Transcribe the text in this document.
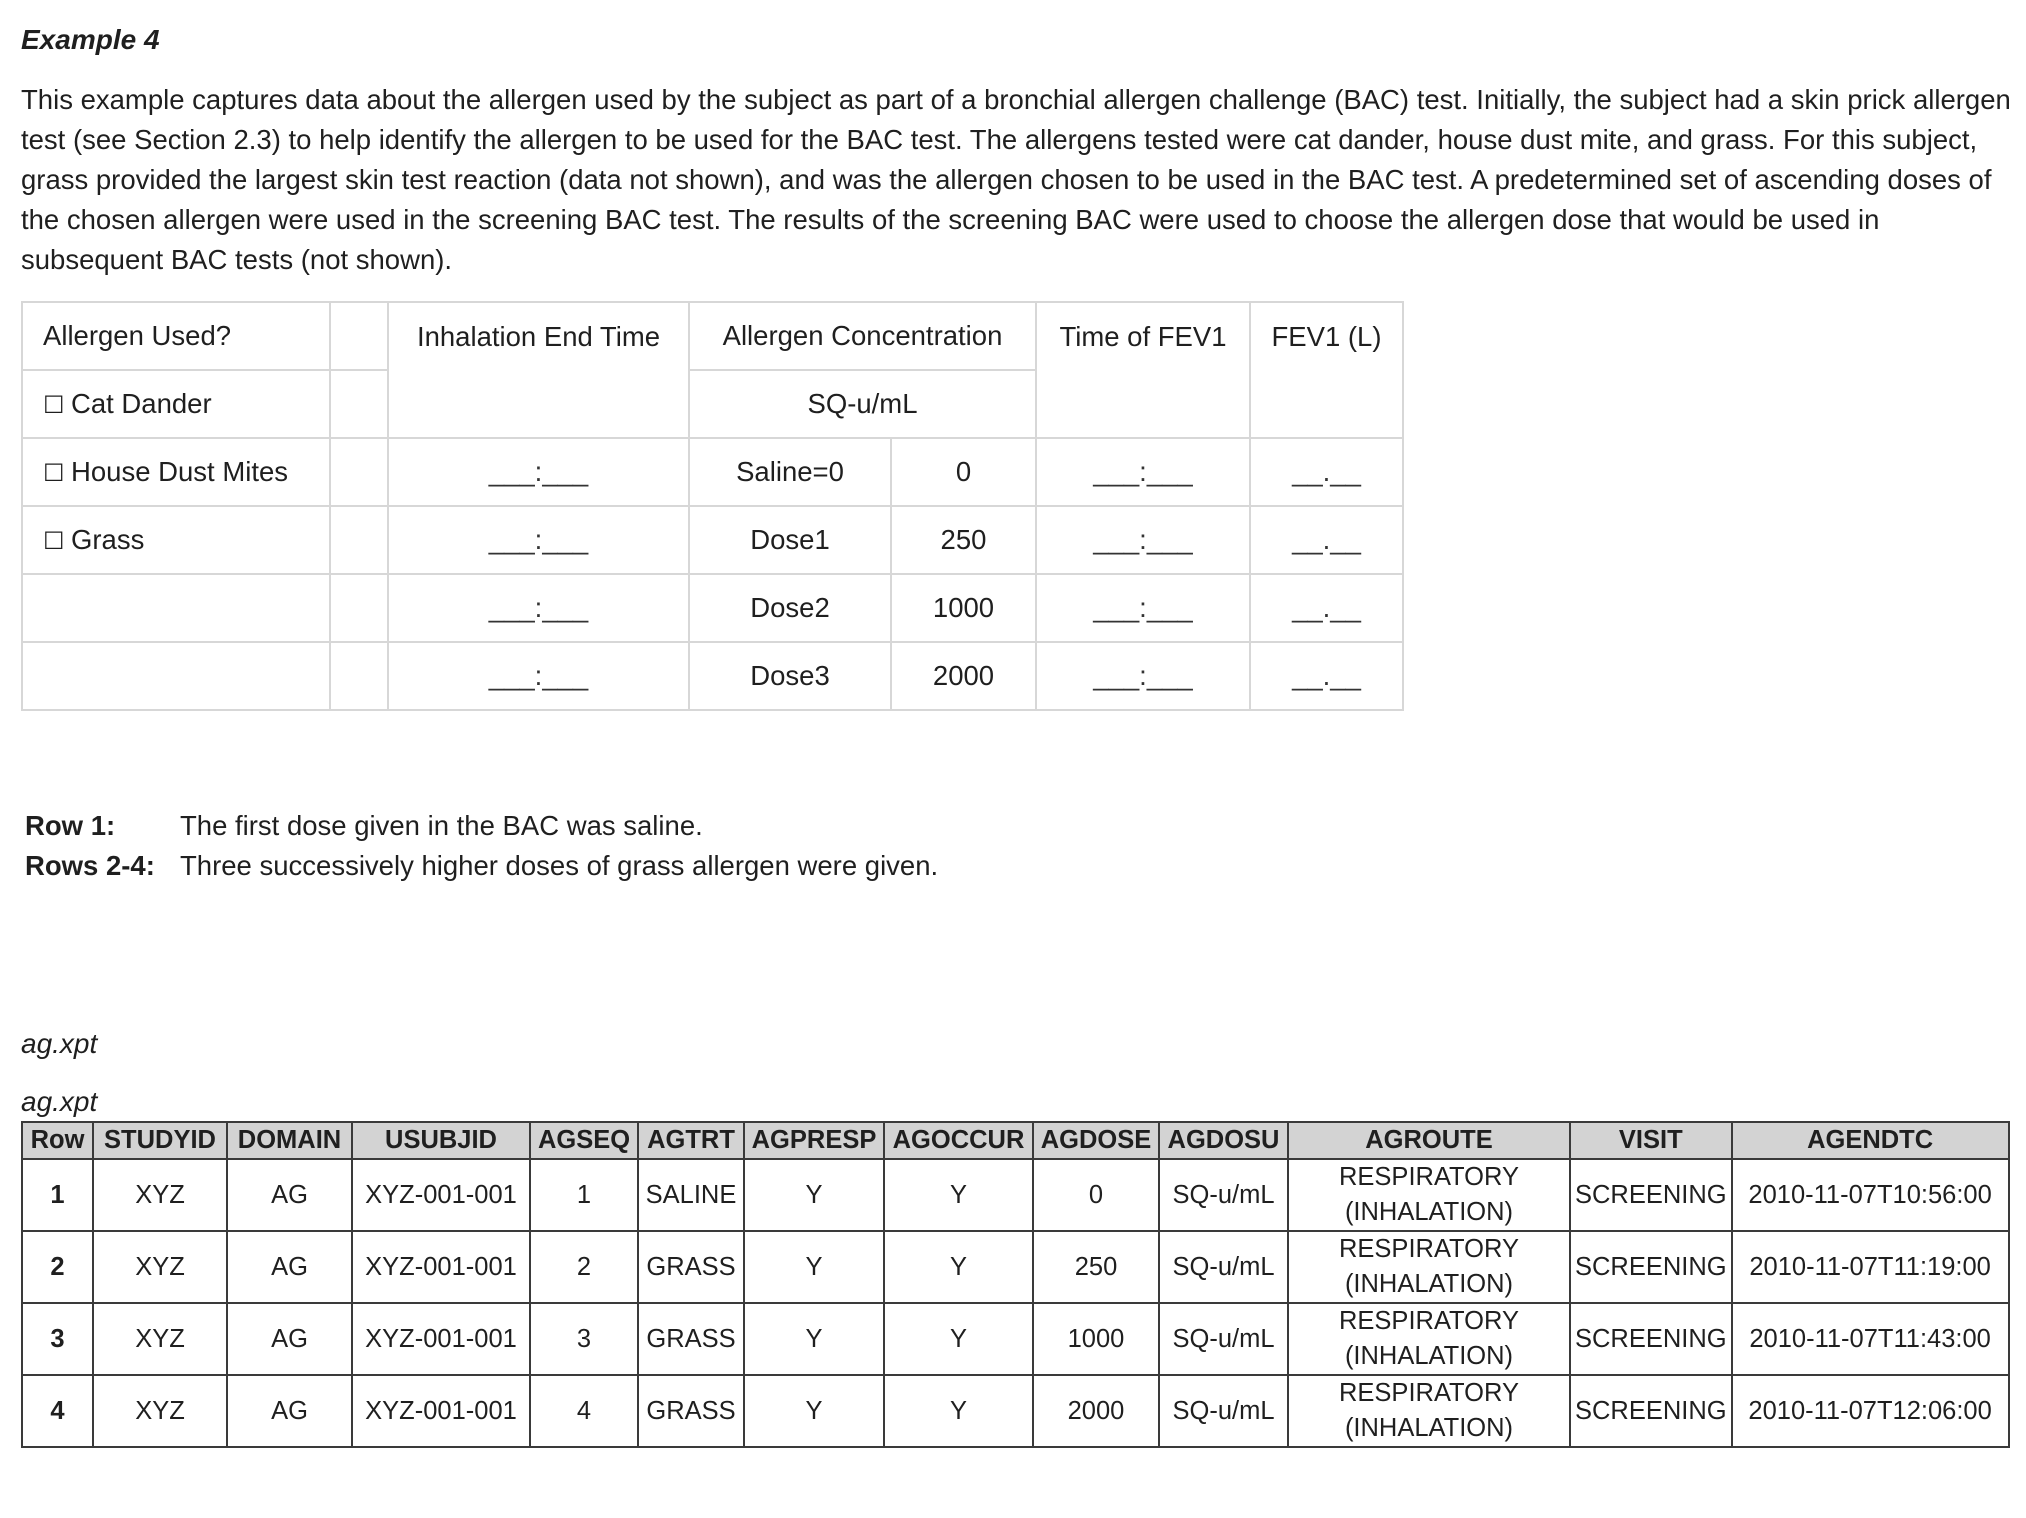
Example 4
This example captures data about the allergen used by the subject as part of a bronchial allergen challenge (BAC) test. Initially, the subject had a skin prick allergen test (see Section 2.3) to help identify the allergen to be used for the BAC test. The allergens tested were cat dander, house dust mite, and grass. For this subject, grass provided the largest skin test reaction (data not shown), and was the allergen chosen to be used in the BAC test. A predetermined set of ascending doses of the chosen allergen were used in the screening BAC test. The results of the screening BAC were used to choose the allergen dose that would be used in subsequent BAC tests (not shown).
Allergen Used?		Inhalation End Time	Allergen Concentration		Time of FEV1	FEV1 (L)
☐ Cat Dander			SQ-u/mL			
☐ House Dust Mites		___:___	Saline=0	0	___:___	__.__
☐ Grass		___:___	Dose1	250	___:___	__.__
		___:___	Dose2	1000	___:___	__.__
		___:___	Dose3	2000	___:___	__.__
Row 1:	The first dose given in the BAC was saline.
Rows 2-4: Three successively higher doses of grass allergen were given.
ag.xpt
ag.xpt
Row	STUDYID	DOMAIN	USUBJID	AGSEQ	AGTRT	AGPRESP	AGOCCUR	AGDOSE	AGDOSU	AGROUTE	VISIT	AGENDTC
1	XYZ	AG	XYZ-001-001	1	SALINE	Y	Y	0	SQ-u/mL	RESPIRATORY (INHALATION)	SCREENING	2010-11-07T10:56:00
2	XYZ	AG	XYZ-001-001	2	GRASS	Y	Y	250	SQ-u/mL	RESPIRATORY (INHALATION)	SCREENING	2010-11-07T11:19:00
3	XYZ	AG	XYZ-001-001	3	GRASS	Y	Y	1000	SQ-u/mL	RESPIRATORY (INHALATION)	SCREENING	2010-11-07T11:43:00
4	XYZ	AG	XYZ-001-001	4	GRASS	Y	Y	2000	SQ-u/mL	RESPIRATORY (INHALATION)	SCREENING	2010-11-07T12:06:00
